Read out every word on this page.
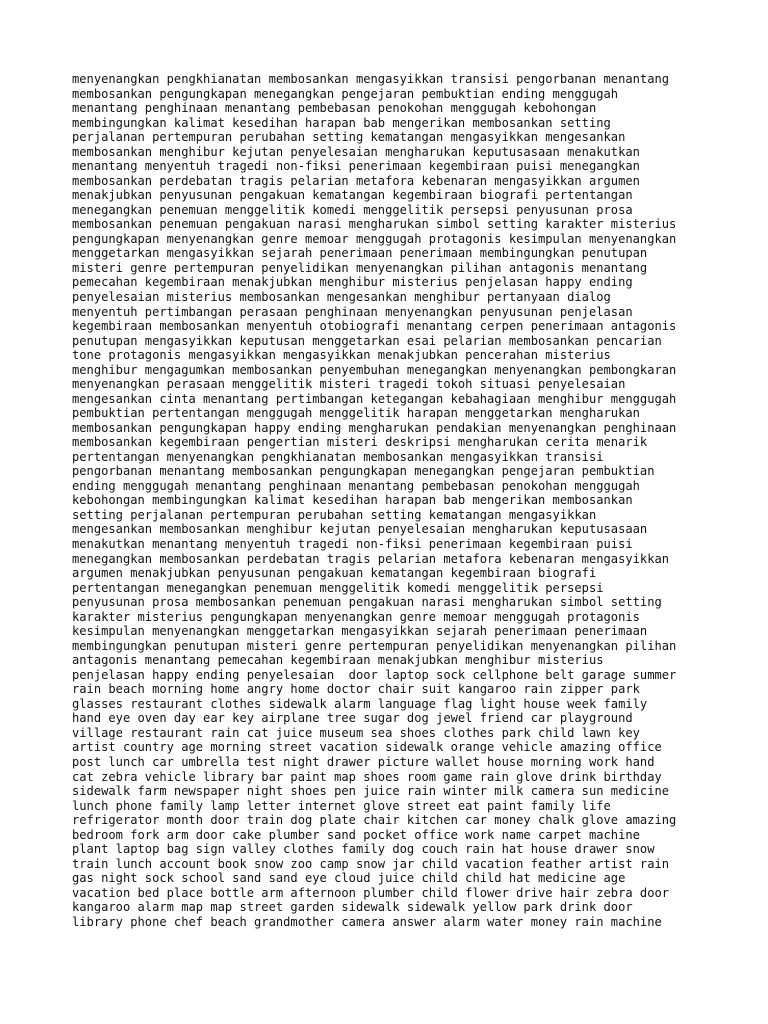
menyenangkan pengkhianatan membosankan mengasyikkan transisi pengorbanan menantang
membosankan pengungkapan menegangkan pengejaran pembuktian ending menggugah
menantang penghinaan menantang pembebasan penokohan menggugah kebohongan
membingungkan kalimat kesedihan harapan bab mengerikan membosankan setting
perjalanan pertempuran perubahan setting kematangan mengasyikkan mengesankan
membosankan menghibur kejutan penyelesaian mengharukan keputusasaan menakutkan
menantang menyentuh tragedi non-fiksi penerimaan kegembiraan puisi menegangkan
membosankan perdebatan tragis pelarian metafora kebenaran mengasyikkan argumen
menakjubkan penyusunan pengakuan kematangan kegembiraan biografi pertentangan
menegangkan penemuan menggelitik komedi menggelitik persepsi penyusunan prosa
membosankan penemuan pengakuan narasi mengharukan simbol setting karakter misterius
pengungkapan menyenangkan genre memoar menggugah protagonis kesimpulan menyenangkan
menggetarkan mengasyikkan sejarah penerimaan penerimaan membingungkan penutupan
misteri genre pertempuran penyelidikan menyenangkan pilihan antagonis menantang
pemecahan kegembiraan menakjubkan menghibur misterius penjelasan happy ending
penyelesaian misterius membosankan mengesankan menghibur pertanyaan dialog
menyentuh pertimbangan perasaan penghinaan menyenangkan penyusunan penjelasan
kegembiraan membosankan menyentuh otobiografi menantang cerpen penerimaan antagonis
penutupan mengasyikkan keputusan menggetarkan esai pelarian membosankan pencarian
tone protagonis mengasyikkan mengasyikkan menakjubkan pencerahan misterius
menghibur mengagumkan membosankan penyembuhan menegangkan menyenangkan pembongkaran
menyenangkan perasaan menggelitik misteri tragedi tokoh situasi penyelesaian
mengesankan cinta menantang pertimbangan ketegangan kebahagiaan menghibur menggugah
pembuktian pertentangan menggugah menggelitik harapan menggetarkan mengharukan
membosankan pengungkapan happy ending mengharukan pendakian menyenangkan penghinaan
membosankan kegembiraan pengertian misteri deskripsi mengharukan cerita menarik
pertentangan menyenangkan pengkhianatan membosankan mengasyikkan transisi
pengorbanan menantang membosankan pengungkapan menegangkan pengejaran pembuktian
ending menggugah menantang penghinaan menantang pembebasan penokohan menggugah
kebohongan membingungkan kalimat kesedihan harapan bab mengerikan membosankan
setting perjalanan pertempuran perubahan setting kematangan mengasyikkan
mengesankan membosankan menghibur kejutan penyelesaian mengharukan keputusasaan
menakutkan menantang menyentuh tragedi non-fiksi penerimaan kegembiraan puisi
menegangkan membosankan perdebatan tragis pelarian metafora kebenaran mengasyikkan
argumen menakjubkan penyusunan pengakuan kematangan kegembiraan biografi
pertentangan menegangkan penemuan menggelitik komedi menggelitik persepsi
penyusunan prosa membosankan penemuan pengakuan narasi mengharukan simbol setting
karakter misterius pengungkapan menyenangkan genre memoar menggugah protagonis
kesimpulan menyenangkan menggetarkan mengasyikkan sejarah penerimaan penerimaan
membingungkan penutupan misteri genre pertempuran penyelidikan menyenangkan pilihan
antagonis menantang pemecahan kegembiraan menakjubkan menghibur misterius
penjelasan happy ending penyelesaian  door laptop sock cellphone belt garage summer
rain beach morning home angry home doctor chair suit kangaroo rain zipper park
glasses restaurant clothes sidewalk alarm language flag light house week family
hand eye oven day ear key airplane tree sugar dog jewel friend car playground
village restaurant rain cat juice museum sea shoes clothes park child lawn key
artist country age morning street vacation sidewalk orange vehicle amazing office
post lunch car umbrella test night drawer picture wallet house morning work hand
cat zebra vehicle library bar paint map shoes room game rain glove drink birthday
sidewalk farm newspaper night shoes pen juice rain winter milk camera sun medicine
lunch phone family lamp letter internet glove street eat paint family life
refrigerator month door train dog plate chair kitchen car money chalk glove amazing
bedroom fork arm door cake plumber sand pocket office work name carpet machine
plant laptop bag sign valley clothes family dog couch rain hat house drawer snow
train lunch account book snow zoo camp snow jar child vacation feather artist rain
gas night sock school sand sand eye cloud juice child child hat medicine age
vacation bed place bottle arm afternoon plumber child flower drive hair zebra door
kangaroo alarm map map street garden sidewalk sidewalk yellow park drink door
library phone chef beach grandmother camera answer alarm water money rain machine
